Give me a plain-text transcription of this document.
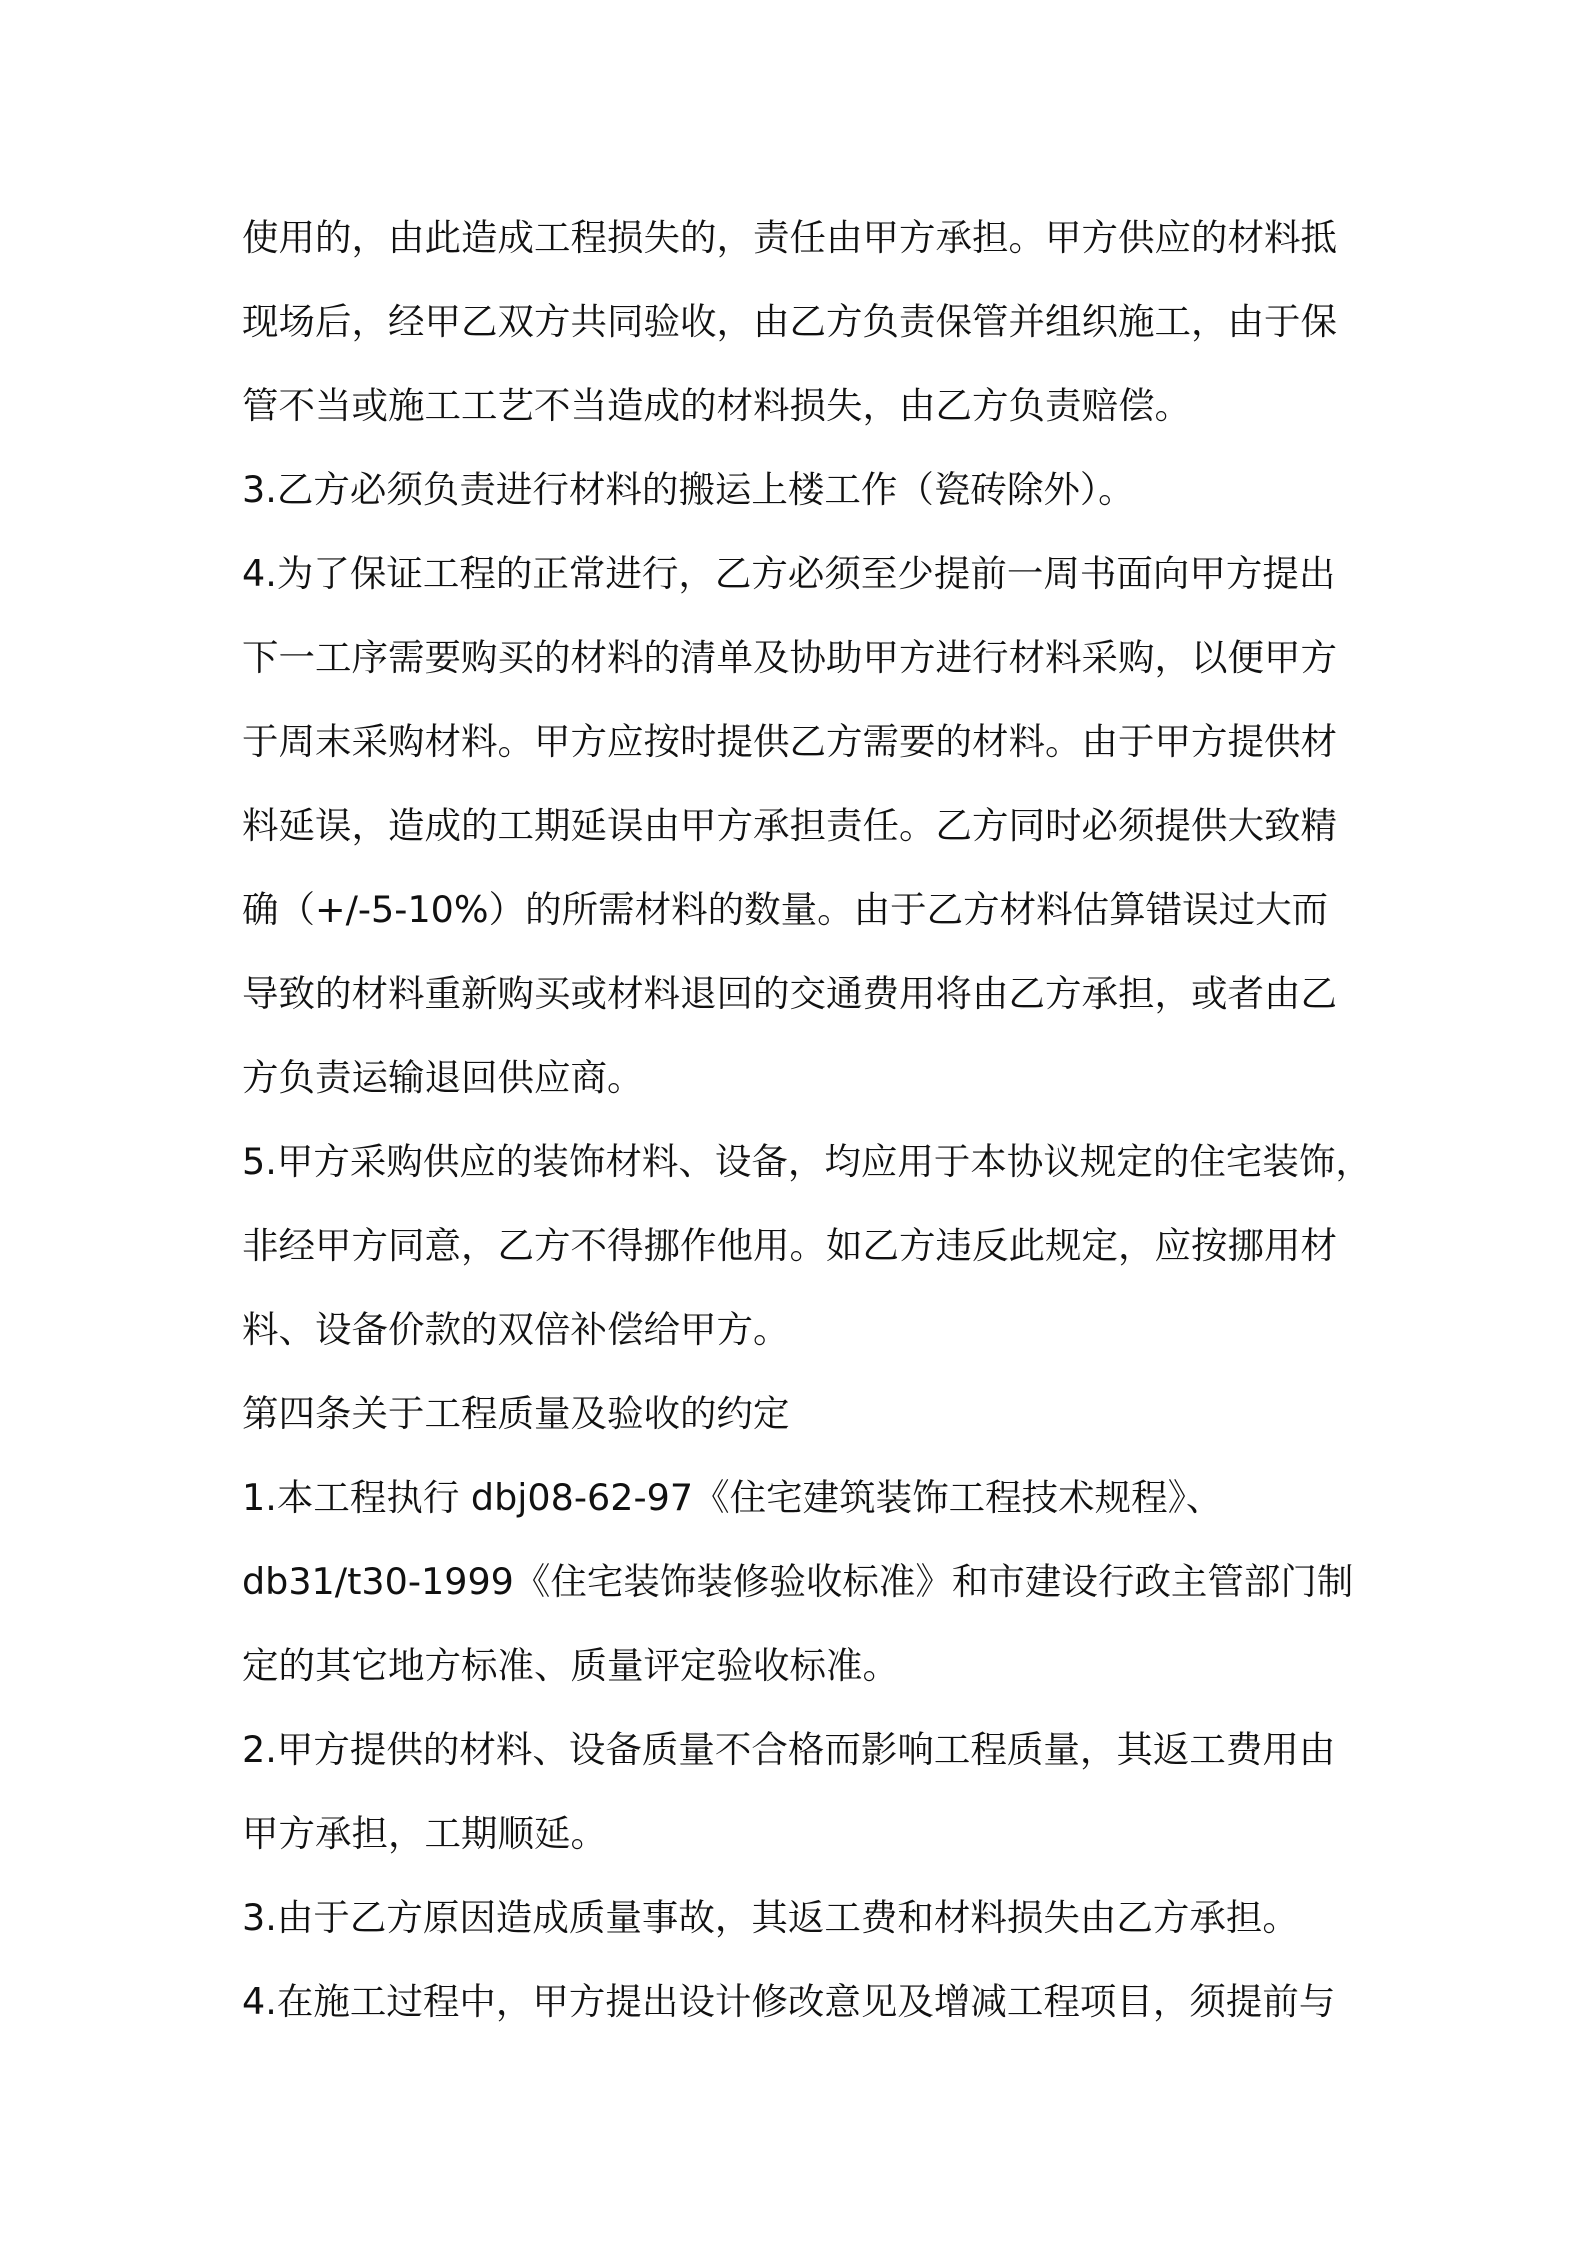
使用的，由此造成工程损失的，责任由甲方承担。甲方供应的材料抵
现场后，经甲乙双方共同验收，由乙方负责保管并组织施工，由于保
管不当或施工工艺不当造成的材料损失，由乙方负责赔偿。
3.乙方必须负责进行材料的搬运上楼工作（瓷砖除外）。
4.为了保证工程的正常进行，乙方必须至少提前一周书面向甲方提出
下一工序需要购买的材料的清单及协助甲方进行材料采购，以便甲方
于周末采购材料。甲方应按时提供乙方需要的材料。由于甲方提供材
料延误，造成的工期延误由甲方承担责任。乙方同时必须提供大致精
确（+/-5-10%）的所需材料的数量。由于乙方材料估算错误过大而
导致的材料重新购买或材料退回的交通费用将由乙方承担，或者由乙
方负责运输退回供应商。
5.甲方采购供应的装饰材料、设备，均应用于本协议规定的住宅装饰，
非经甲方同意，乙方不得挪作他用。如乙方违反此规定，应按挪用材
料、设备价款的双倍补偿给甲方。
第四条关于工程质量及验收的约定
1.本工程执行 dbj08-62-97《住宅建筑装饰工程技术规程》、
db31/t30-1999《住宅装饰装修验收标准》和市建设行政主管部门制
定的其它地方标准、质量评定验收标准。
2.甲方提供的材料、设备质量不合格而影响工程质量，其返工费用由
甲方承担，工期顺延。
3.由于乙方原因造成质量事故，其返工费和材料损失由乙方承担。
4.在施工过程中，甲方提出设计修改意见及增减工程项目，须提前与
